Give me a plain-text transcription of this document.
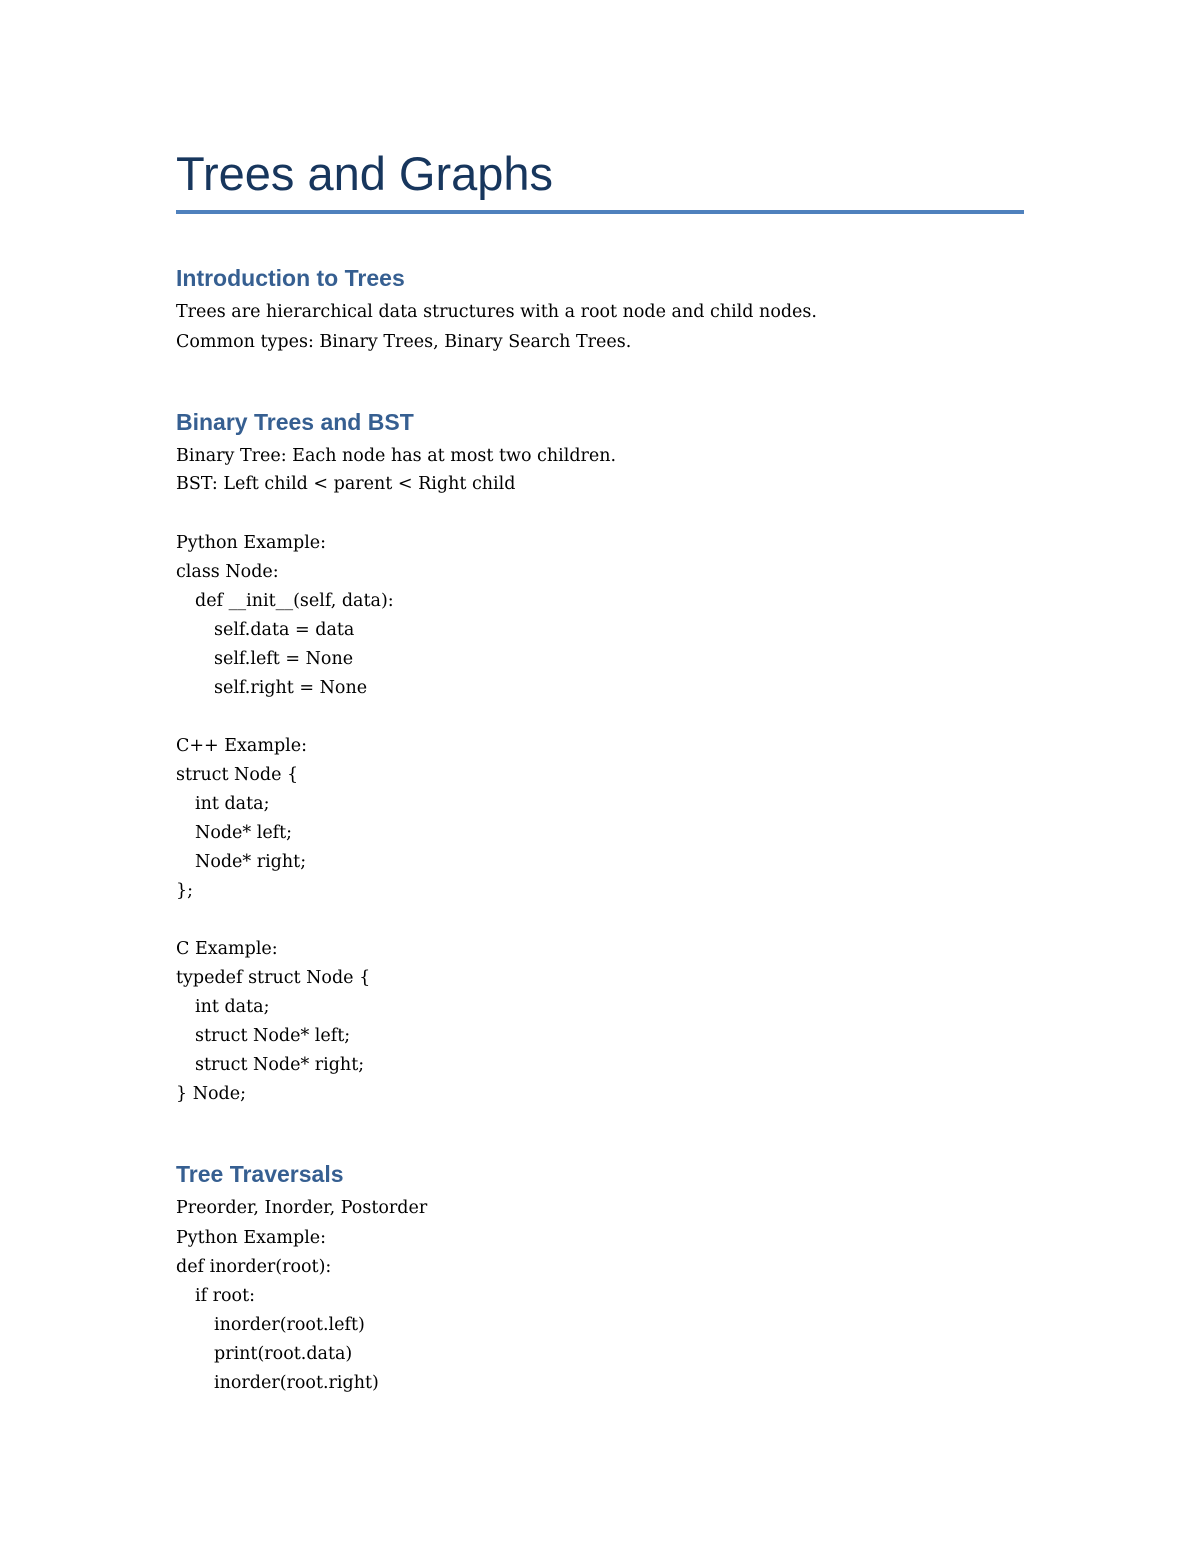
Trees and Graphs
Introduction to Trees

Trees are hierarchical data structures with a root node and child nodes.

Common types: Binary Trees, Binary Search Trees.

Binary Trees and BST

Binary Tree: Each node has at most two children.

BST: Left child < parent < Right child

Python Example:

class Node:

def __init__(self, data):

self.data = data

self.left = None

self.right = None

C++ Example:

struct Node {

int data;

Node* left;

Node* right;

};

C Example:

typedef struct Node {

int data;

struct Node* left;

struct Node* right;

} Node;

Tree Traversals

Preorder, Inorder, Postorder

Python Example:

def inorder(root):

if root:

inorder(root.left)

print(root.data)

inorder(root.right)
